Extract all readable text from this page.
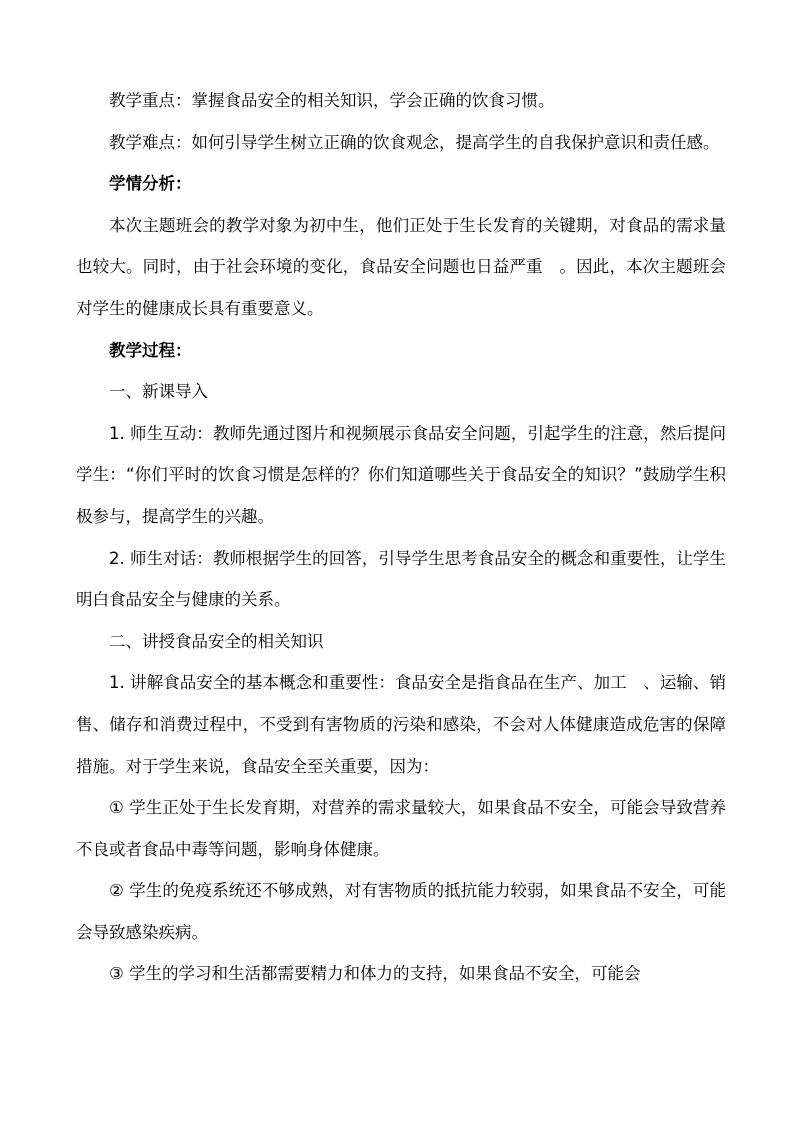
教学重点：掌握食品安全的相关知识，学会正确的饮食习惯。

教学难点：如何引导学生树立正确的饮食观念，提高学生的自我保护意识和责任感。

学情分析：

本次主题班会的教学对象为初中生，他们正处于生长发育的关键期，对食品的需求量也较大。同时，由于社会环境的变化，食品安全问题也日益严重　。因此，本次主题班会对学生的健康成长具有重要意义。

教学过程：

一、新课导入

1. 师生互动：教师先通过图片和视频展示食品安全问题，引起学生的注意，然后提问学生：“你们平时的饮食习惯是怎样的？你们知道哪些关于食品安全的知识？”鼓励学生积极参与，提高学生的兴趣。

2. 师生对话：教师根据学生的回答，引导学生思考食品安全的概念和重要性，让学生明白食品安全与健康的关系。

二、讲授食品安全的相关知识

1. 讲解食品安全的基本概念和重要性：食品安全是指食品在生产、加工　、运输、销售、储存和消费过程中，不受到有害物质的污染和感染，不会对人体健康造成危害的保障措施。对于学生来说，食品安全至关重要，因为：

① 学生正处于生长发育期，对营养的需求量较大，如果食品不安全，可能会导致营养不良或者食品中毒等问题，影响身体健康。

② 学生的免疫系统还不够成熟，对有害物质的抵抗能力较弱，如果食品不安全，可能会导致感染疾病。

③ 学生的学习和生活都需要精力和体力的支持，如果食品不安全，可能会
